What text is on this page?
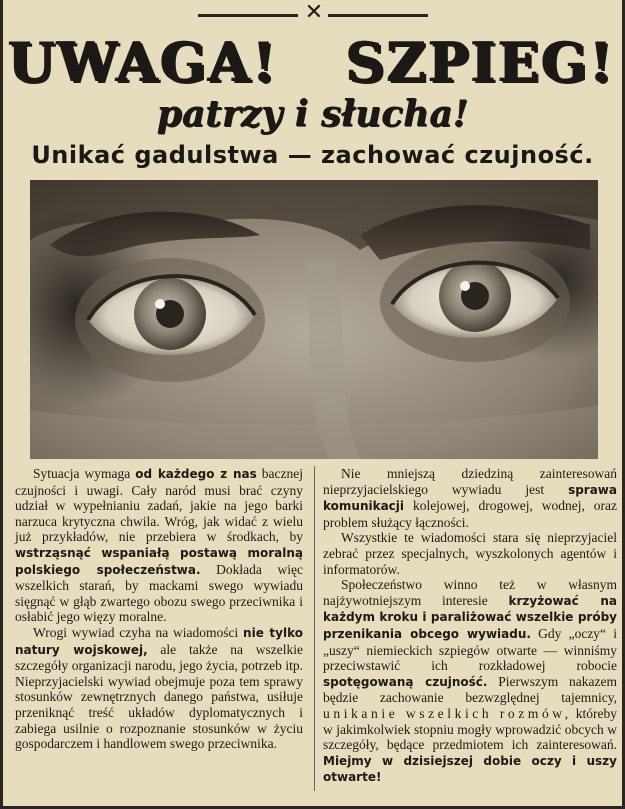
✕
UWAGA! SZPIEG!
patrzy i słucha!
Unikać gadulstwa — zachować czujność.

Sytuacja wymaga od każdego z nas bacznej czujności i uwagi. Cały naród musi brać czyny udział w wypełnianiu zadań, jakie na jego barki narzuca krytyczna chwila. Wróg, jak widać z wielu już przykładów, nie przebiera w środkach, by wstrząsnąć wspaniałą postawą moralną polskiego społeczeństwa. Dokłada więc wszelkich starań, by mackami swego wywiadu sięgnąć w głąb zwartego obozu swego przeciwnika i osłabić jego więzy moralne.

Wrogi wywiad czyha na wiadomości nie tylko natury wojskowej, ale także na wszelkie szczegóły organizacji narodu, jego życia, potrzeb itp. Nieprzyjacielski wywiad obejmuje poza tem sprawy stosunków zewnętrznych danego państwa, usiłuje przeniknąć treść układów dyplomatycznych i zabiega usilnie o rozpoznanie stosunków w życiu gospodarczem i handlowem swego przeciwnika.

Nie mniejszą dziedziną zainteresowań nieprzyjacielskiego wywiadu jest sprawa komunikacji kolejowej, drogowej, wodnej, oraz problem służący łączności.

Wszystkie te wiadomości stara się nieprzyjaciel zebrać przez specjalnych, wyszkolonych agentów i informatorów.

Społeczeństwo winno też w własnym najżywotniejszym interesie krzyżować na każdym kroku i paraliżować wszelkie próby przenikania obcego wywiadu. Gdy „oczy“ i „uszy“ niemieckich szpiegów otwarte — winniśmy przeciwstawić ich rozkładowej robocie spotęgowaną czujność. Pierwszym nakazem będzie zachowanie bezwzględnej tajemnicy, unikanie wszelkich rozmów, któreby w jakimkolwiek stopniu mogły wprowadzić obcych w szczegóły, będące przedmiotem ich zainteresowań. Miejmy w dzisiejszej dobie oczy i uszy otwarte!
